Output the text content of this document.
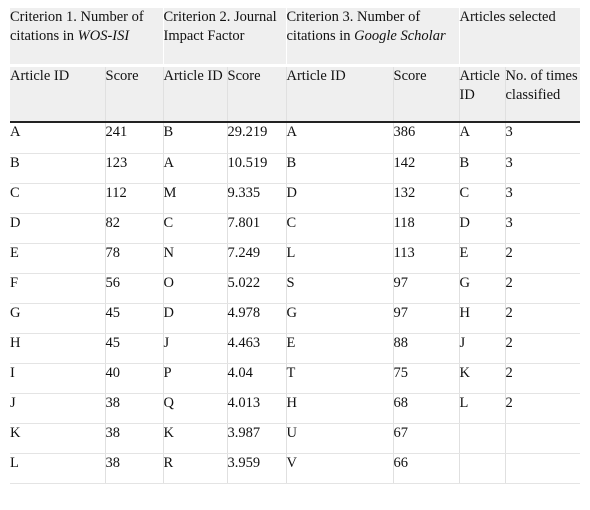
Criterion 1. Number of citations in WOS-ISI		Criterion 2. Journal Impact Factor		Criterion 3. Number of citations in Google Scholar		Articles selected	

Article ID	Score	Article ID	Score	Article ID	Score	Article ID	No. of times classified

A	241	B	29.219	A	386	A	3
B	123	A	10.519	B	142	B	3
C	112	M	9.335	D	132	C	3
D	82	C	7.801	C	118	D	3
E	78	N	7.249	L	113	E	2
F	56	O	5.022	S	97	G	2
G	45	D	4.978	G	97	H	2
H	45	J	4.463	E	88	J	2
I	40	P	4.04	T	75	K	2
J	38	Q	4.013	H	68	L	2
K	38	K	3.987	U	67		
L	38	R	3.959	V	66		
